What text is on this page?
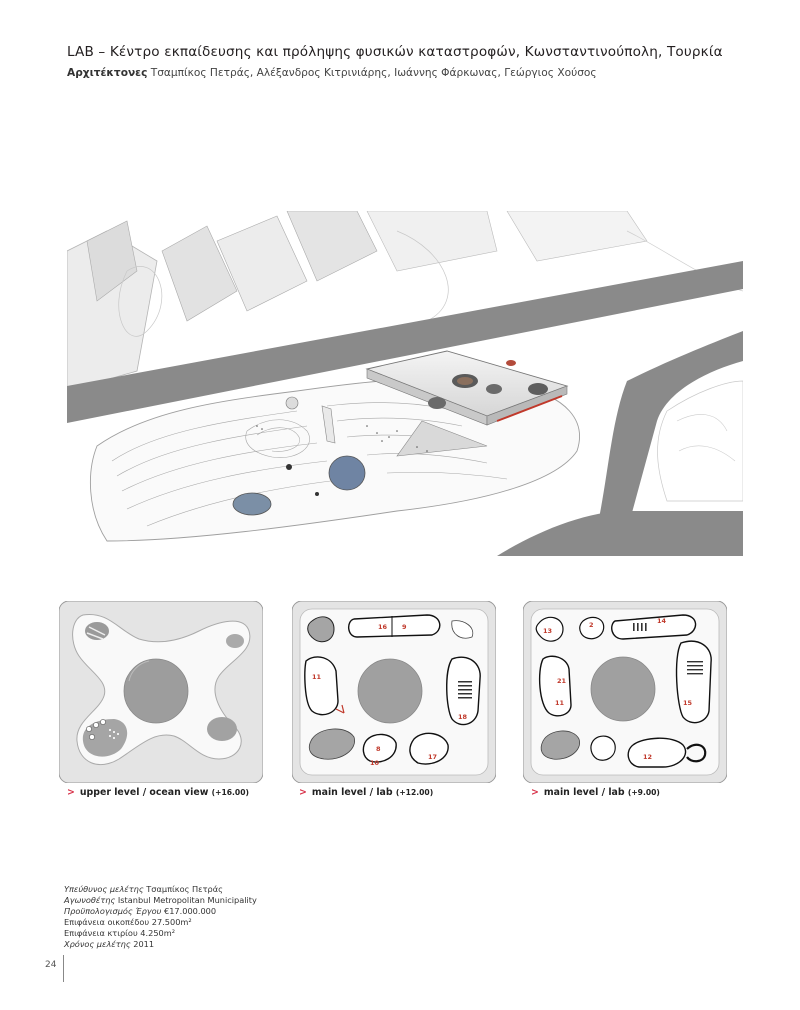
LAB – Κέντρο εκπαίδευσης και πρόληψης φυσικών καταστροφών, Κωνσταντινούπολη, Τουρκία
Αρχιτέκτονες Τσαμπίκος Πετράς, Αλέξανδρος Κιτρινιάρης, Ιωάννης Φάρκωνας, Γεώργιος Χούσος
16 9
11
18
8
17
10
13
2	14
21
11	15
12
> upper level / ocean view (+16.00)	> main level / lab (+12.00)	> main level / lab (+9.00)
Υπεύθυνος μελέτης Τσαμπίκος Πετράς
Αγωνοθέτης Istanbul Metropolitan Municipality
Προϋπολογισμός Έργου €17.000.000
Επιφάνεια οικοπέδου 27.500m²
Επιφάνεια κτιρίου 4.250m²
Χρόνος μελέτης 2011
24
